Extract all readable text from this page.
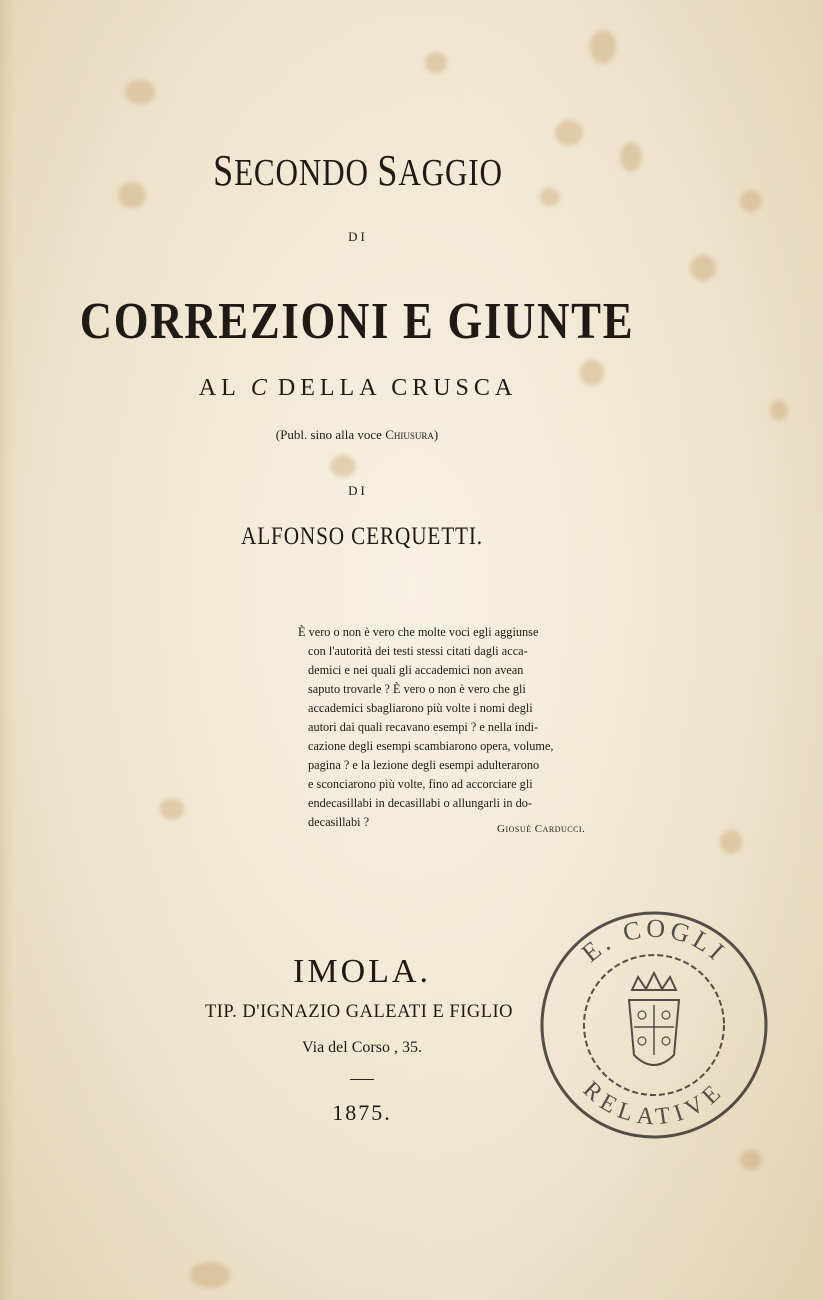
SECONDO SAGGIO
DI
CORREZIONI E GIUNTE
AL C DELLA CRUSCA
(Publ. sino alla voce Chiusura)
DI
ALFONSO CERQUETTI.
È vero o non è vero che molte voci egli aggiunse
con l'autorità dei testi stessi citati dagli acca-
demici e nei quali gli accademici non avean
saputo trovarle ? È vero o non è vero che gli
accademici sbagliarono più volte i nomi degli
autori dai quali recavano esempi ? e nella indi-
cazione degli esempi scambiarono opera, volume,
pagina ? e la lezione degli esempi adulterarono
e sconciarono più volte, fino ad accorciare gli
endecasillabi in decasillabi o allungarli in do-
decasillabi ?	Giosuè Carducci.
IMOLA.
TIP. D'IGNAZIO GALEATI E FIGLIO
Via del Corso , 35.
1875.
E. COGLI
RELATIVE
